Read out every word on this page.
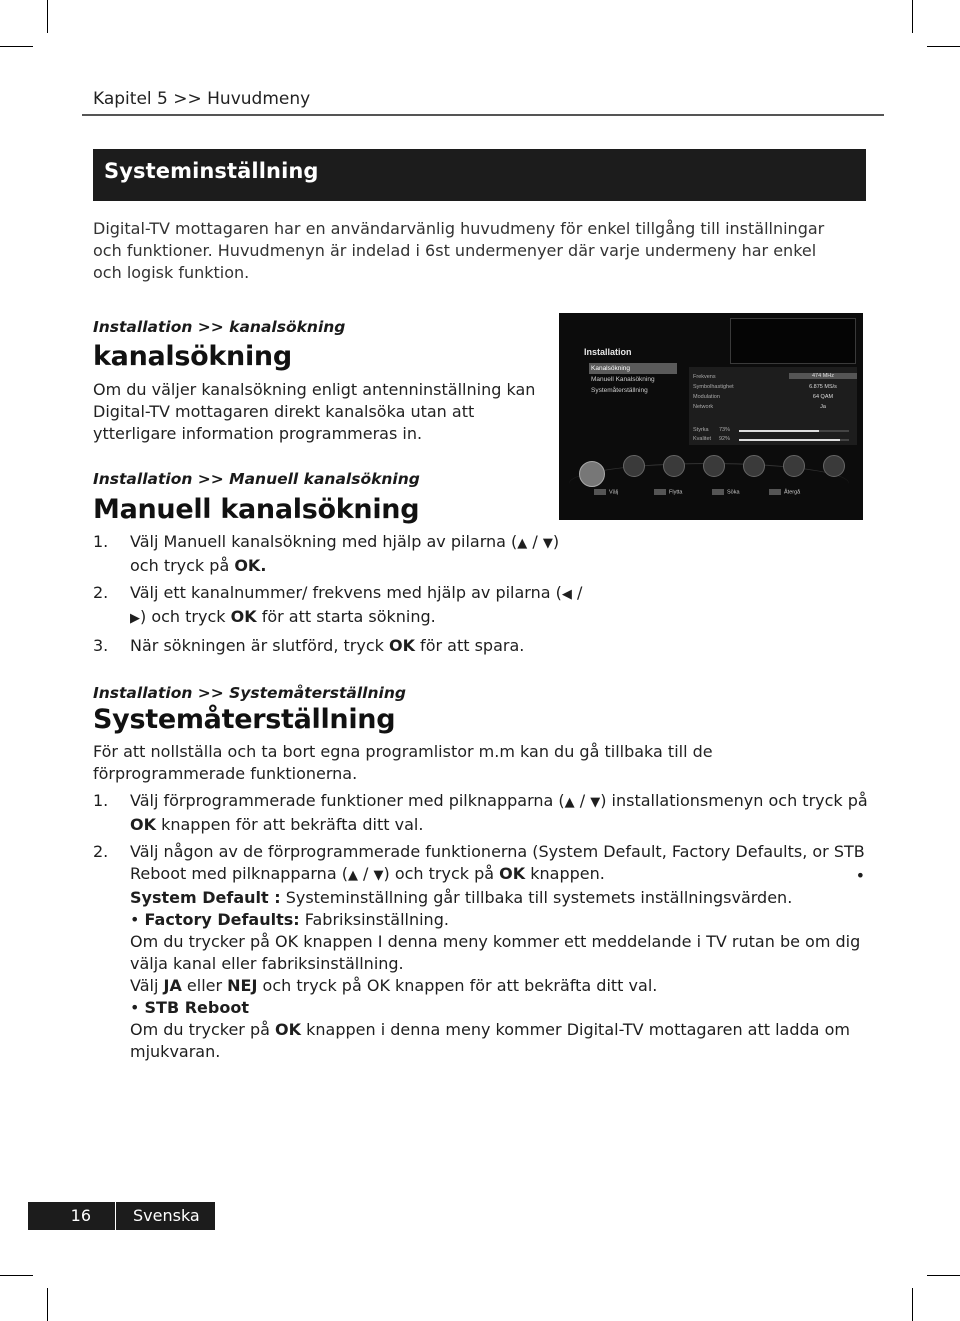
Kapitel 5 >> Huvudmeny
Systeminställning
Digital-TV mottagaren har en användarvänlig huvudmeny för enkel tillgång till inställningar och funktioner. Huvudmenyn är indelad i 6st undermenyer där varje undermeny har enkel och logisk funktion.
Installation >> kanalsökning
kanalsökning
Om du väljer kanalsökning enligt antenninställning kan Digital-TV mottagaren direkt kanalsöka utan att ytterligare information programmeras in.
Installation >> Manuell kanalsökning
Manuell kanalsökning
1. Välj Manuell kanalsökning med hjälp av pilarna (▲ / ▼) och tryck på OK.
2. Välj ett kanalnummer/ frekvens med hjälp av pilarna (◀ / ▶) och tryck OK för att starta sökning.
3. När sökningen är slutförd, tryck OK för att spara.
Installation
Kanalsökning
Manuell Kanalsökning
Systemåterställning
Frekvens	474 MHz
Symbolhastighet	6.875 MS/s
Modulation	64 QAM
Network	Ja
Styrka 73%
Kvalitet 92%
Välj	Flytta	Söka	Återgå
Installation >> Systemåterställning
Systemåterställning
För att nollställa och ta bort egna programlistor m.m kan du gå tillbaka till de förprogrammerade funktionerna.
1. Välj förprogrammerade funktioner med pilknapparna (▲ / ▼) installationsmenyn och tryck på OK knappen för att bekräfta ditt val.
2. Välj någon av de förprogrammerade funktionerna (System Default, Factory Defaults, or STB Reboot med pilknapparna (▲ / ▼) och tryck på OK knappen.	•
System Default : Systeminställning går tillbaka till systemets inställningsvärden.
• Factory Defaults: Fabriksinställning.
Om du trycker på OK knappen I denna meny kommer ett meddelande i TV rutan be om dig välja kanal eller fabriksinställning.
Välj JA eller NEJ och tryck på OK knappen för att bekräfta ditt val.
• STB Reboot
Om du trycker på OK knappen i denna meny kommer Digital-TV mottagaren att ladda om mjukvaran.
16	Svenska
